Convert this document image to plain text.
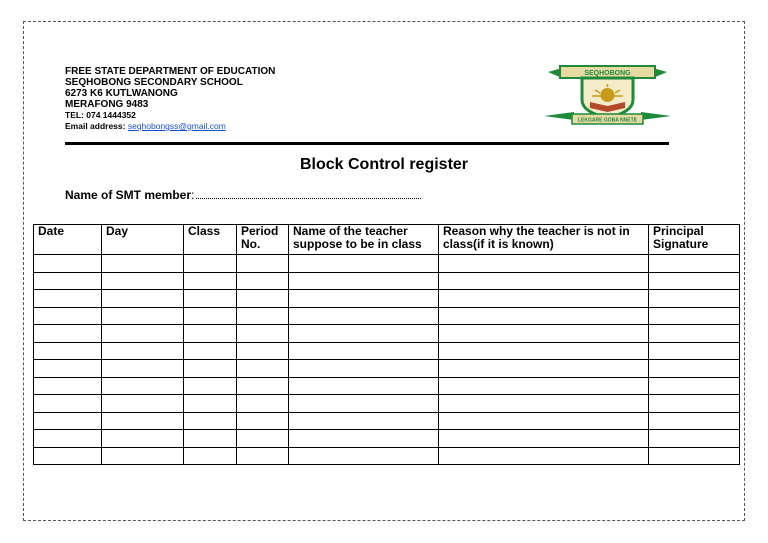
FREE STATE DEPARTMENT OF EDUCATION
SEQHOBONG SECONDARY SCHOOL
6273 K6 KUTLWANONG
MERAFONG 9483
TEL: 074 1444352
Email address: seqhobongss@gmail.com
SEQHOBONG
LEKGARE GOBA NNETE
Block Control register
Name of SMT member:
Date	Day	Class	Period No.	Name of the teacher suppose to be in class	Reason why the teacher is not in class(if it is known)	Principal Signature
